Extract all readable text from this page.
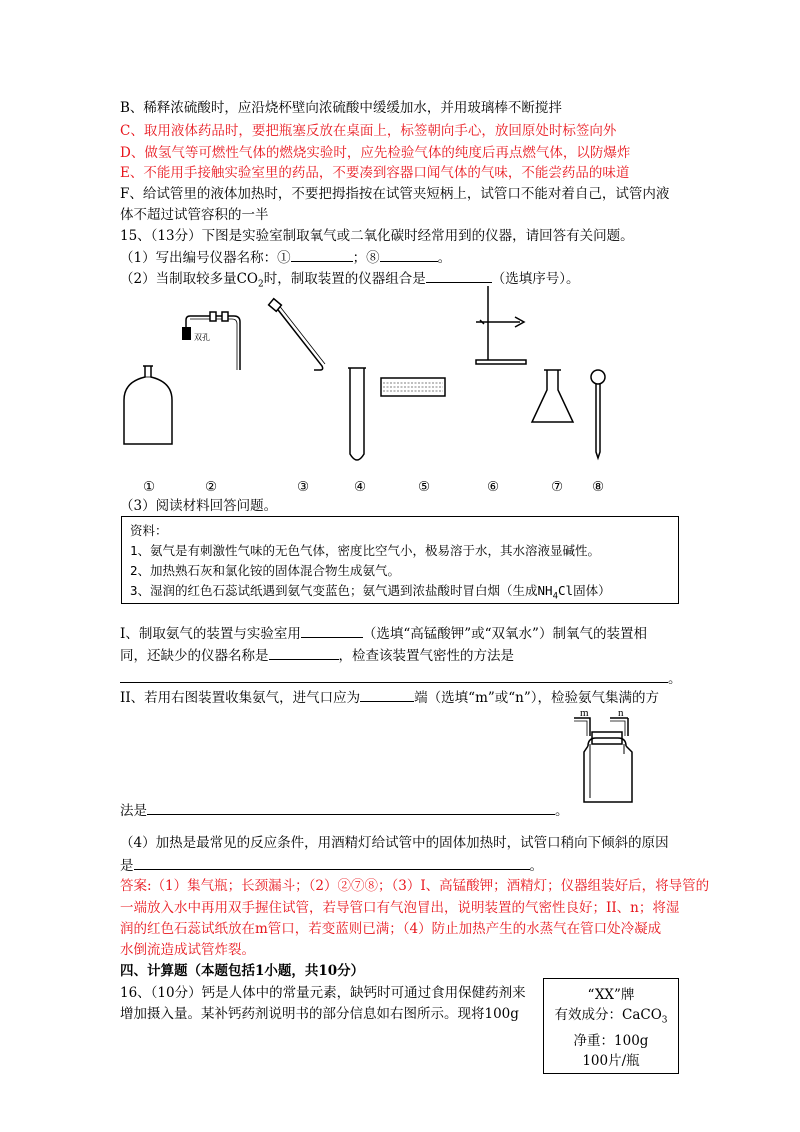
B、稀释浓硫酸时，应沿烧杯壁向浓硫酸中缓缓加水，并用玻璃棒不断搅拌
C、取用液体药品时，要把瓶塞反放在桌面上，标签朝向手心，放回原处时标签向外
D、做氢气等可燃性气体的燃烧实验时，应先检验气体的纯度后再点燃气体，以防爆炸
E、不能用手接触实验室里的药品，不要凑到容器口闻气体的气味，不能尝药品的味道
F、给试管里的液体加热时，不要把拇指按在试管夹短柄上，试管口不能对着自己，试管内液
体不超过试管容积的一半
15、（13分）下图是实验室制取氧气或二氧化碳时经常用到的仪器，请回答有关问题。
（1）写出编号仪器名称：①	；⑧	。
（2）当制取较多量$CO_2$时，制取装置的仪器组合是	（选填序号）。
双孔
①	②	③	④	⑤	⑥	⑦ ⑧
（3）阅读材料回答问题。
资料：
1、氨气是有刺激性气味的无色气体，密度比空气小，极易溶于水，其水溶液显碱性。
2、加热熟石灰和氯化铵的固体混合物生成氨气。
3、湿润的红色石蕊试纸遇到氨气变蓝色；氨气遇到浓盐酸时冒白烟（生成$NH_4Cl$固体）
I、制取氨气的装置与实验室用	（选填“高锰酸钾”或“双氧水”）制氧气的装置相
同，还缺少的仪器名称是	，检查该装置气密性的方法是
。
II、若用右图装置收集氨气，进气口应为	端（选填“m”或“n”），检验氨气集满的方
m	n
法是	。
（4）加热是最常见的反应条件，用酒精灯给试管中的固体加热时，试管口稍向下倾斜的原因
是	。
答案:（1）集气瓶；长颈漏斗；（2）②⑦⑧；（3）I、高锰酸钾；酒精灯；仪器组装好后，将导管的
一端放入水中再用双手握住试管，若导管口有气泡冒出，说明装置的气密性良好；II、n；将湿
润的红色石蕊试纸放在m管口，若变蓝则已满；（4）防止加热产生的水蒸气在管口处冷凝成
水倒流造成试管炸裂。
四、计算题（本题包括1小题，共10分）
16、（10分）钙是人体中的常量元素，缺钙时可通过食用保健药剂来
增加摄入量。某补钙药剂说明书的部分信息如右图所示。现将100g
“XX”牌
有效成分：CaCO$_3$
净重：100g
100片/瓶
